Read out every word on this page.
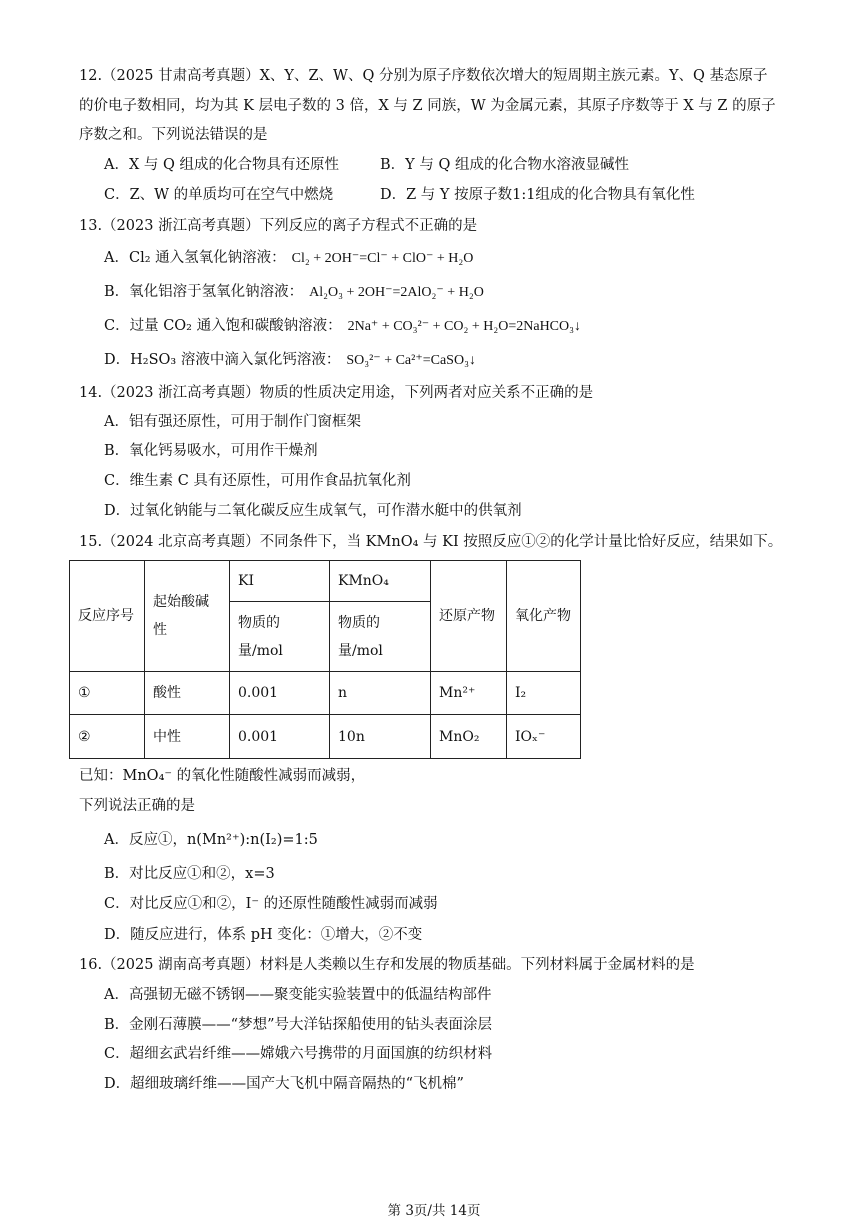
12.（2025 甘肃高考真题）X、Y、Z、W、Q 分别为原子序数依次增大的短周期主族元素。Y、Q 基态原子
的价电子数相同，均为其 K 层电子数的 3 倍，X 与 Z 同族，W 为金属元素，其原子序数等于 X 与 Z 的原子
序数之和。下列说法错误的是
A．X 与 Q 组成的化合物具有还原性	B．Y 与 Q 组成的化合物水溶液显碱性
C．Z、W 的单质均可在空气中燃烧	D．Z 与 Y 按原子数1:1组成的化合物具有氧化性
13.（2023 浙江高考真题）下列反应的离子方程式不正确的是
A．Cl₂ 通入氢氧化钠溶液： Cl₂ + 2OH⁻=Cl⁻ + ClO⁻ + H₂O
B．氧化铝溶于氢氧化钠溶液： Al₂O₃ + 2OH⁻=2AlO₂⁻ + H₂O
C．过量 CO₂ 通入饱和碳酸钠溶液： 2Na⁺ + CO₃²⁻ + CO₂ + H₂O=2NaHCO₃↓
D．H₂SO₃ 溶液中滴入氯化钙溶液： SO₃²⁻ + Ca²⁺=CaSO₃↓
14.（2023 浙江高考真题）物质的性质决定用途，下列两者对应关系不正确的是
A．铝有强还原性，可用于制作门窗框架
B．氧化钙易吸水，可用作干燥剂
C．维生素 C 具有还原性，可用作食品抗氧化剂
D．过氧化钠能与二氧化碳反应生成氧气，可作潜水艇中的供氧剂
15.（2024 北京高考真题）不同条件下，当 KMnO₄ 与 KI 按照反应①②的化学计量比恰好反应，结果如下。
反应序号	起始酸碱性	KI	KMnO₄	还原产物	氧化产物

		物质的量/mol	物质的量/mol		

①	酸性	0.001	n	Mn²⁺	I₂
②	中性	0.001	10n	MnO₂	IOₓ⁻
已知：MnO₄⁻ 的氧化性随酸性减弱而减弱，
下列说法正确的是
A．反应①，n(Mn²⁺):n(I₂)=1:5
B．对比反应①和②，x=3
C．对比反应①和②，I⁻ 的还原性随酸性减弱而减弱
D．随反应进行，体系 pH 变化：①增大，②不变
16.（2025 湖南高考真题）材料是人类赖以生存和发展的物质基础。下列材料属于金属材料的是
A．高强韧无磁不锈钢——聚变能实验装置中的低温结构部件
B．金刚石薄膜——“梦想”号大洋钻探船使用的钻头表面涂层
C．超细玄武岩纤维——嫦娥六号携带的月面国旗的纺织材料
D．超细玻璃纤维——国产大飞机中隔音隔热的“飞机棉”
第 3页/共 14页
